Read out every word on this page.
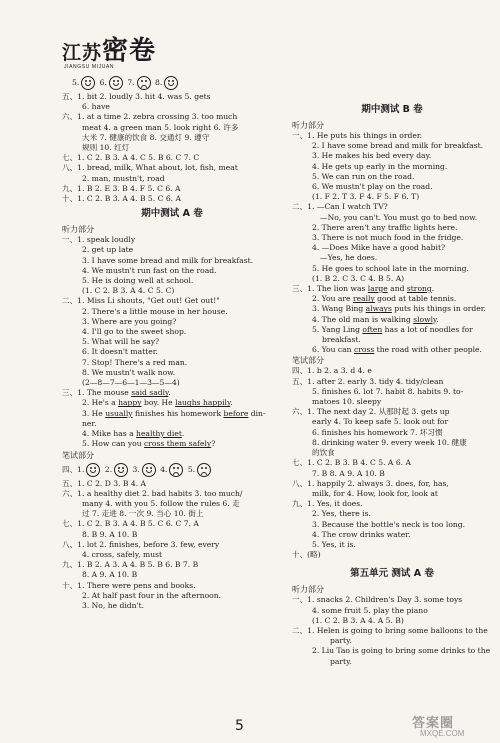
江苏密卷
JIANGSU MIJUAN
5.	6.	7.	8.
五、1. bit 2. loudly 3. hit 4. was 5. gets
6. have
六、1. at a time 2. zebra crossing 3. too much
meat 4. a green man 5. look right 6. 许多
大米 7. 健康的饮食 8. 交通灯 9. 遵守
规则 10. 红灯
七、1. C 2. B 3. A 4. C 5. B 6. C 7. C
八、1. bread, milk, What about, lot, fish, meat
2. man, mustn't, road
九、1. B 2. E 3. B 4. F 5. C 6. A
十、1. C 2. B 3. A 4. B 5. C 6. A
期中测试 A 卷
听力部分
一、1. speak loudly
2. get up late
3. I have some bread and milk for breakfast.
4. We mustn't run fast on the road.
5. He is doing well at school.
(1. C 2. B 3. A 4. C 5. C)
二、1. Miss Li shouts, "Get out! Get out!"
2. There's a little mouse in her house.
3. Where are you going?
4. I'll go to the sweet shop.
5. What will he say?
6. It doesn't matter.
7. Stop! There's a red man.
8. We mustn't walk now.
(2—8—7—6—1—3—5—4)
三、1. The mouse said sadly.
2. He's a happy boy. He laughs happily.
3. He usually finishes his homework before din-
ner.
4. Mike has a healthy diet.
5. How can you cross them safely?
笔试部分
四、1.	2.	3.	4.	5.
五、1. C 2. D 3. B 4. A
六、1. a healthy diet 2. bad habits 3. too much/
many 4. with you 5. follow the rules 6. 走
过 7. 走进 8. 一次 9. 当心 10. 街上
七、1. C 2. B 3. A 4. B 5. C 6. C 7. A
8. B 9. A 10. B
八、1. lot 2. finishes, before 3. few, every
4. cross, safely, must
九、1. B 2. A 3. A 4. B 5. B 6. B 7. B
8. A 9. A 10. B
十、1. There were pens and books.
2. At half past four in the afternoon.
3. No, he didn't.
期中测试 B 卷
听力部分
一、1. He puts his things in order.
2. I have some bread and milk for breakfast.
3. He makes his bed every day.
4. He gets up early in the morning.
5. We can run on the road.
6. We mustn't play on the road.
(1. F 2. T 3. F 4. F 5. F 6. T)
二、1. —Can I watch TV?
—No, you can't. You must go to bed now.
2. There aren't any traffic lights here.
3. There is not much food in the fridge.
4. —Does Mike have a good habit?
—Yes, he does.
5. He goes to school late in the morning.
(1. B 2. C 3. C 4. B 5. A)
三、1. The lion was large and strong.
2. You are really good at table tennis.
3. Wang Bing always puts his things in order.
4. The old man is walking slowly.
5. Yang Ling often has a lot of noodles for
breakfast.
6. You can cross the road with other people.
笔试部分
四、1. b 2. a 3. d 4. e
五、1. after 2. early 3. tidy 4. tidy/clean
5. finishes 6. lot 7. habit 8. habits 9. to-
matoes 10. sleepy
六、1. The next day 2. 从那时起 3. gets up
early 4. To keep safe 5. look out for
6. finishes his homework 7. 坏习惯
8. drinking water 9. every week 10. 健康
的饮食
七、1. C 2. B 3. B 4. C 5. A 6. A
7. B 8. A 9. A 10. B
八、1. happily 2. always 3. does, for, has,
milk, for 4. How, look for, look at
九、1. Yes, it does.
2. Yes, there is.
3. Because the bottle's neck is too long.
4. The crow drinks water.
5. Yes, it is.
十、(略)
第五单元 测试 A 卷
听力部分
一、1. snacks 2. Children's Day 3. some toys
4. some fruit 5. play the piano
(1. C 2. B 3. A 4. A 5. B)
二、1. Helen is going to bring some balloons to the
party.
2. Liu Tao is going to bring some drinks to the
party.
5	答案圈
MXQE.COM
